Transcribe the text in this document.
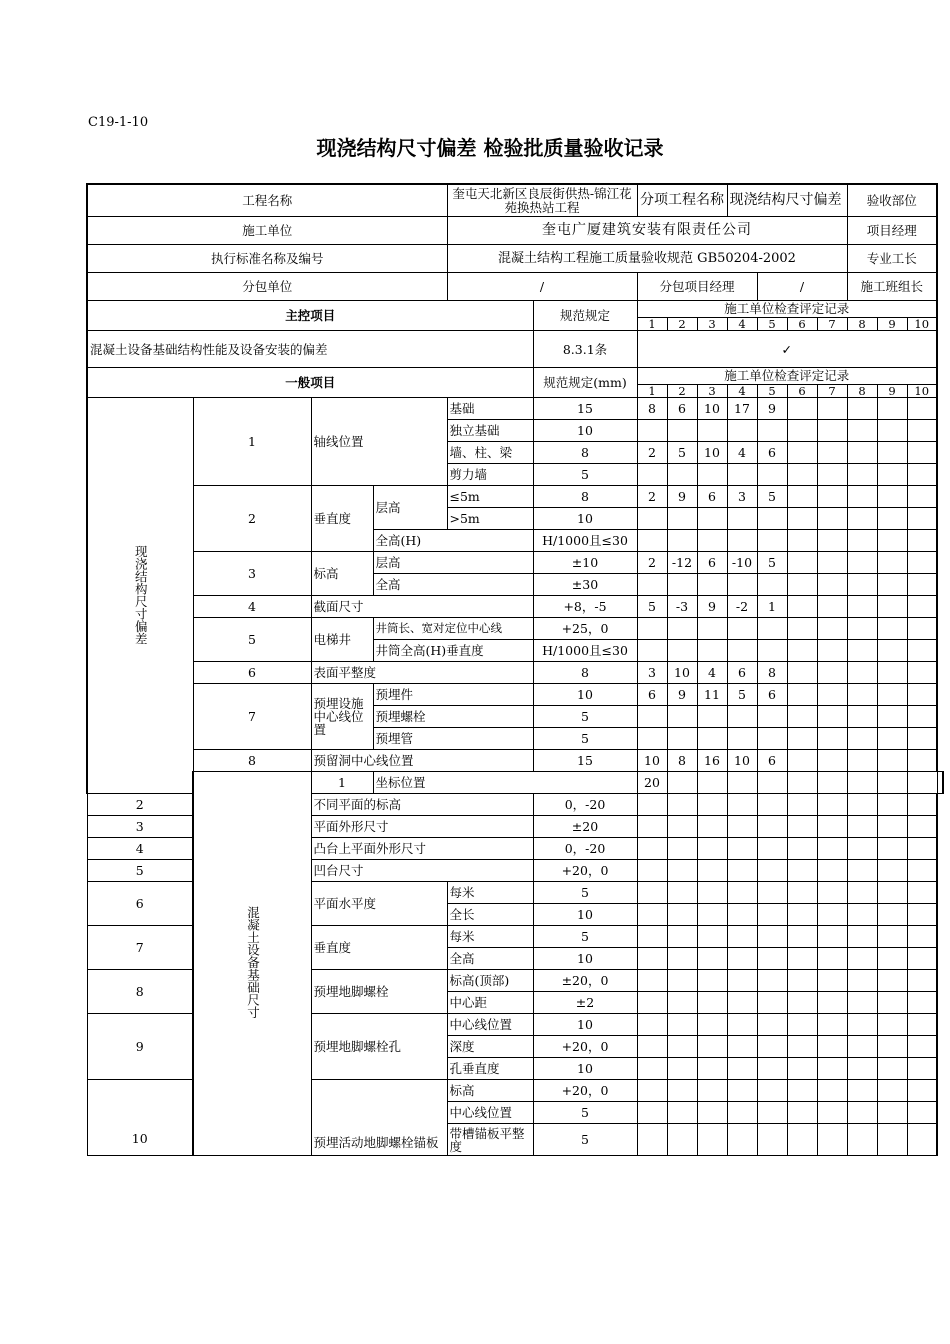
C19-1-10
现浇结构尺寸偏差 检验批质量验收记录
工程名称				奎屯天北新区良辰街供热-锦江花苑换热站工程		分项工程名称			现浇结构尺寸偏差				验收部位			
施工单位				奎屯广厦建筑安装有限责任公司									项目经理			
执行标准名称及编号				混凝土结构工程施工质量验收规范 GB50204-2002									专业工长			
分包单位				/		分包项目经理				/			施工班组长			
主控项目					规范规定	施工单位检查评定记录										
						1	2	3	4	5	6	7	8	9	10	
混凝土设备基础结构性能及设备安装的偏差					8.3.1条	✓										
一般项目					规范规定(mm)	施工单位检查评定记录										
						1	2	3	4	5	6	7	8	9	10	
现浇结构尺寸偏差	1	轴线位置		基础	15	8	6	10	17	9						
				独立基础	10											
				墙、柱、梁	8	2	5	10	4	6						
				剪力墙	5											
	2	垂直度	层高	≤5m	8	2	9	6	3	5						
				>5m	10											
			全高(H)		H/1000且≤30											
	3	标高	层高		±10	2	-12	6	-10	5						
			全高		±30											
	4	截面尺寸			+8，-5	5	-3	9	-2	1						
	5	电梯井	井筒长、宽对定位中心线		+25，0											
			井筒全高(H)垂直度		H/1000且≤30											
	6	表面平整度			8	3	10	4	6	8						
	7	预埋设施中心线位置	预埋件		10	6	9	11	5	6						
			预埋螺栓		5											
			预埋管		5											
	8	预留洞中心线位置			15	10	8	16	10	6						
	混凝土设备基础尺寸	1	坐标位置			20										
2		不同平面的标高			0，-20											
3		平面外形尺寸			±20											
4		凸台上平面外形尺寸			0，-20											
5		凹台尺寸			+20，0											
6		平面水平度		每米	5											
				全长	10											
7		垂直度		每米	5											
				全高	10											
8		预埋地脚螺栓		标高(顶部)	±20，0											
				中心距	±2											
9		预埋地脚螺栓孔		中心线位置	10											
				深度	+20，0											
				孔垂直度	10											
10		预埋活动地脚螺栓锚板		标高	+20，0											
				中心线位置	5											
				带槽锚板平整度	5											
